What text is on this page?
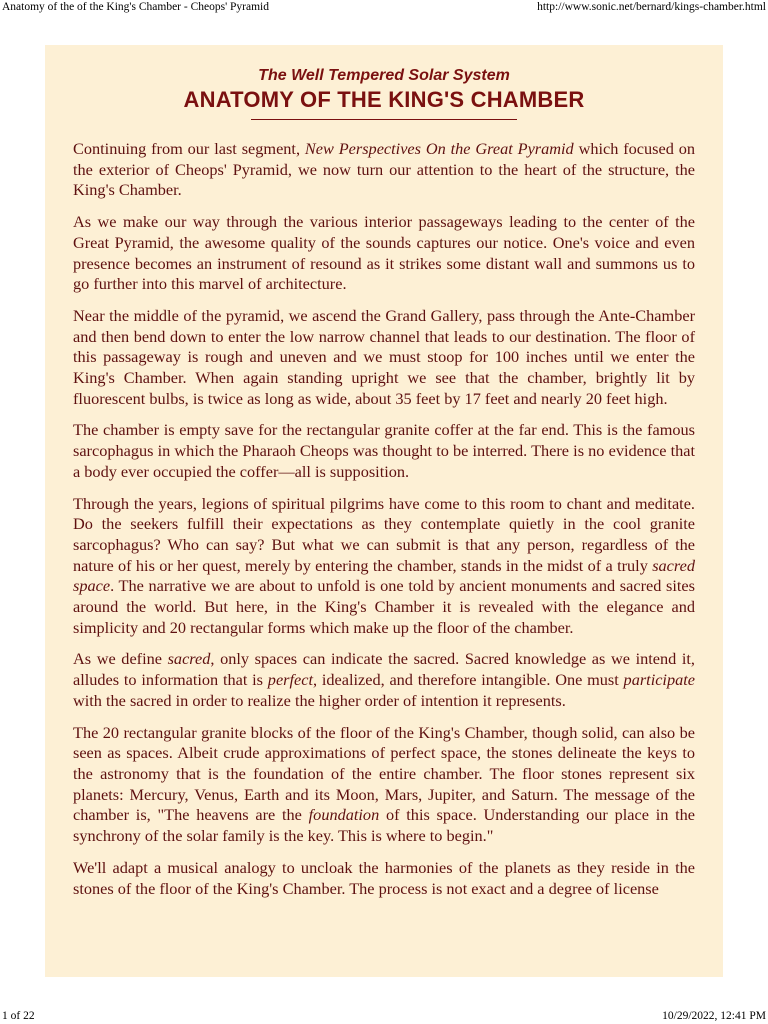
Anatomy of the of the King's Chamber - Cheops' Pyramid	http://www.sonic.net/bernard/kings-chamber.html
The Well Tempered Solar System
ANATOMY OF THE KING'S CHAMBER

Continuing from our last segment, New Perspectives On the Great Pyramid which focused on the exterior of Cheops' Pyramid, we now turn our attention to the heart of the structure, the King's Chamber.

As we make our way through the various interior passageways leading to the center of the Great Pyramid, the awesome quality of the sounds captures our notice. One's voice and even presence becomes an instrument of resound as it strikes some distant wall and summons us to go further into this marvel of architecture.

Near the middle of the pyramid, we ascend the Grand Gallery, pass through the Ante-Chamber and then bend down to enter the low narrow channel that leads to our destination. The floor of this passageway is rough and uneven and we must stoop for 100 inches until we enter the King's Chamber. When again standing upright we see that the chamber, brightly lit by fluorescent bulbs, is twice as long as wide, about 35 feet by 17 feet and nearly 20 feet high.

The chamber is empty save for the rectangular granite coffer at the far end. This is the famous sarcophagus in which the Pharaoh Cheops was thought to be interred. There is no evidence that a body ever occupied the coffer—all is supposition.

Through the years, legions of spiritual pilgrims have come to this room to chant and meditate. Do the seekers fulfill their expectations as they contemplate quietly in the cool granite sarcophagus? Who can say? But what we can submit is that any person, regardless of the nature of his or her quest, merely by entering the chamber, stands in the midst of a truly sacred space. The narrative we are about to unfold is one told by ancient monuments and sacred sites around the world. But here, in the King's Chamber it is revealed with the elegance and simplicity and 20 rectangular forms which make up the floor of the chamber.

As we define sacred, only spaces can indicate the sacred. Sacred knowledge as we intend it, alludes to information that is perfect, idealized, and therefore intangible. One must participate with the sacred in order to realize the higher order of intention it represents.

The 20 rectangular granite blocks of the floor of the King's Chamber, though solid, can also be seen as spaces. Albeit crude approximations of perfect space, the stones delineate the keys to the astronomy that is the foundation of the entire chamber. The floor stones represent six planets: Mercury, Venus, Earth and its Moon, Mars, Jupiter, and Saturn. The message of the chamber is, "The heavens are the foundation of this space. Understanding our place in the synchrony of the solar family is the key. This is where to begin."

We'll adapt a musical analogy to uncloak the harmonies of the planets as they reside in the stones of the floor of the King's Chamber. The process is not exact and a degree of license

1 of 22	10/29/2022, 12:41 PM
